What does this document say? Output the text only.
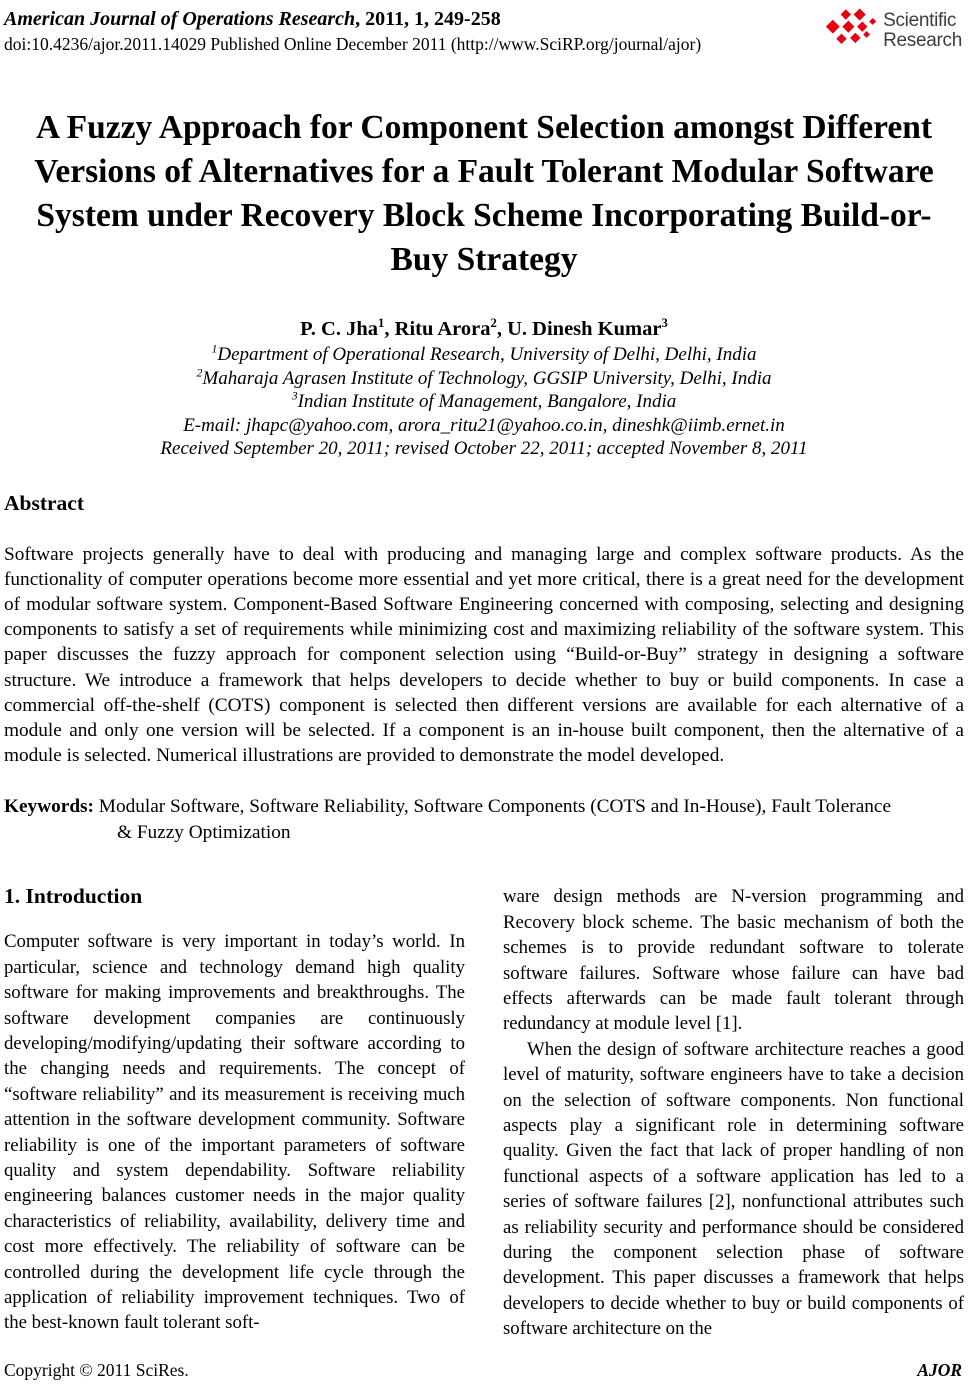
American Journal of Operations Research, 2011, 1, 249-258
doi:10.4236/ajor.2011.14029 Published Online December 2011 (http://www.SciRP.org/journal/ajor)
Scientific
Research
A Fuzzy Approach for Component Selection amongst Different Versions of Alternatives for a Fault Tolerant Modular Software System under Recovery Block Scheme Incorporating Build-or-Buy Strategy
P. C. Jha$^1$, Ritu Arora$^2$, U. Dinesh Kumar$^3$
$^1$Department of Operational Research, University of Delhi, Delhi, India
$^2$Maharaja Agrasen Institute of Technology, GGSIP University, Delhi, India
$^3$Indian Institute of Management, Bangalore, India
E-mail: jhapc@yahoo.com, arora_ritu21@yahoo.co.in, dineshk@iimb.ernet.in
Received September 20, 2011; revised October 22, 2011; accepted November 8, 2011
Abstract

Software projects generally have to deal with producing and managing large and complex software products. As the functionality of computer operations become more essential and yet more critical, there is a great need for the development of modular software system. Component-Based Software Engineering concerned with composing, selecting and designing components to satisfy a set of requirements while minimizing cost and maximizing reliability of the software system. This paper discusses the fuzzy approach for component selection using “Build-or-Buy” strategy in designing a software structure. We introduce a framework that helps developers to decide whether to buy or build components. In case a commercial off-the-shelf (COTS) component is selected then different versions are available for each alternative of a module and only one version will be selected. If a component is an in-house built component, then the alternative of a module is selected. Numerical illustrations are provided to demonstrate the model developed.

Keywords: Modular Software, Software Reliability, Software Components (COTS and In-House), Fault Tolerance & Fuzzy Optimization

1. Introduction

Computer software is very important in today’s world. In particular, science and technology demand high quality software for making improvements and breakthroughs. The software development companies are continuously developing/modifying/updating their software according to the changing needs and requirements. The concept of “software reliability” and its measurement is receiving much attention in the software development community. Software reliability is one of the important parameters of software quality and system dependability. Software reliability engineering balances customer needs in the major quality characteristics of reliability, availability, delivery time and cost more effectively. The reliability of software can be controlled during the development life cycle through the application of reliability improvement techniques. Two of the best-known fault tolerant soft-

ware design methods are N-version programming and Recovery block scheme. The basic mechanism of both the schemes is to provide redundant software to tolerate software failures. Software whose failure can have bad effects afterwards can be made fault tolerant through redundancy at module level [1].

When the design of software architecture reaches a good level of maturity, software engineers have to take a decision on the selection of software components. Non functional aspects play a significant role in determining software quality. Given the fact that lack of proper handling of non functional aspects of a software application has led to a series of software failures [2], nonfunctional attributes such as reliability security and performance should be considered during the component selection phase of software development. This paper discusses a framework that helps developers to decide whether to buy or build components of software architecture on the

Copyright © 2011 SciRes.	AJOR
